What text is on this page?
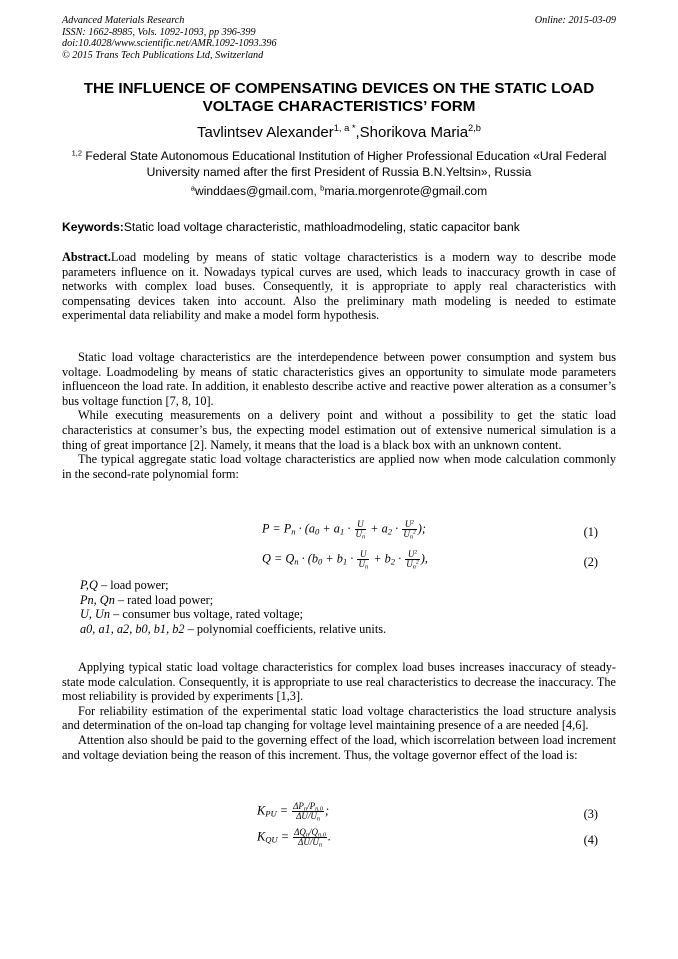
Advanced Materials Research
ISSN: 1662-8985, Vols. 1092-1093, pp 396-399
doi:10.4028/www.scientific.net/AMR.1092-1093.396
© 2015 Trans Tech Publications Ltd, Switzerland
Online: 2015-03-09
THE INFLUENCE OF COMPENSATING DEVICES ON THE STATIC LOAD VOLTAGE CHARACTERISTICS’ FORM
Tavlintsev Alexander$^{1, a *}$,Shorikova Maria$^{2,b}$
$^{1,2}$ Federal State Autonomous Educational Institution of Higher Professional Education «Ural Federal University named after the first President of Russia B.N.Yeltsin», Russia
$^a$winddaes@gmail.com, $^b$maria.morgenrote@gmail.com
Keywords:Static load voltage characteristic, mathloadmodeling, static capacitor bank

Abstract.Load modeling by means of static voltage characteristics is a modern way to describe mode parameters influence on it. Nowadays typical curves are used, which leads to inaccuracy growth in case of networks with complex load buses. Consequently, it is appropriate to apply real characteristics with compensating devices taken into account. Also the preliminary math modeling is needed to estimate experimental data reliability and make a model form hypothesis.

Static load voltage characteristics are the interdependence between power consumption and system bus voltage. Loadmodeling by means of static characteristics gives an opportunity to simulate mode parameters influenceon the load rate. In addition, it enablesto describe active and reactive power alteration as a consumer’s bus voltage function [7, 8, 10].

While executing measurements on a delivery point and without a possibility to get the static load characteristics at consumer’s bus, the expecting model estimation out of extensive numerical simulation is a thing of great importance [2]. Namely, it means that the load is a black box with an unknown content.

The typical aggregate static load voltage characteristics are applied now when mode calculation commonly in the second-rate polynomial form:

$P = P_n \cdot (a_0 + a_1 \cdot \frac{U}{U_n} + a_2 \cdot \frac{U^2}{U_n^2}$ );	(1)
$Q = Q_n \cdot (b_0 + b_1 \cdot \frac{U}{U_n} + b_2 \cdot \frac{U^2}{U_n^2}$ ),	(2)
P,Q – load power;
Pn, Qn – rated load power;
U, Un – consumer bus voltage, rated voltage;
a0, a1, a2, b0, b1, b2 – polynomial coefficients, relative units.

Applying typical static load voltage characteristics for complex load buses increases inaccuracy of steady-state mode calculation. Consequently, it is appropriate to use real characteristics to decrease the inaccuracy. The most reliability is provided by experiments [1,3].

For reliability estimation of the experimental static load voltage characteristics the load structure analysis and determination of the on-load tap changing for voltage level maintaining presence of a are needed [4,6].

Attention also should be paid to the governing effect of the load, which iscorrelation between load increment and voltage deviation being the reason of this increment. Thus, the voltage governor effect of the load is:

$K_{PU} = \frac{\Delta P_n/P_{n.0}}{\Delta U/U_n}$ ;	(3)
$K_{QU} = \frac{\Delta Q_n/Q_{n.0}}{\Delta U/U_n}$ .	(4)
